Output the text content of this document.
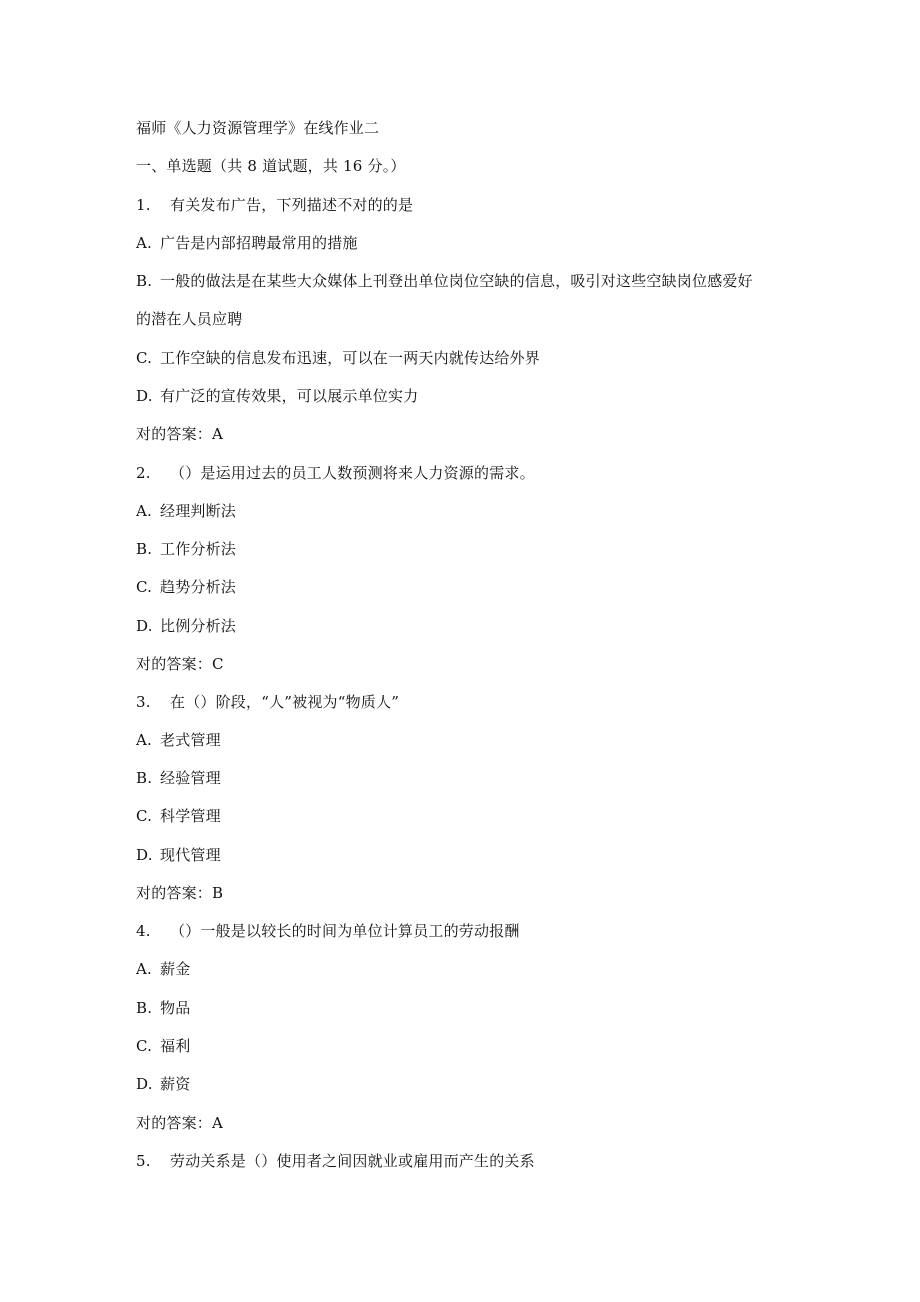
福师《人力资源管理学》在线作业二
一、单选题（共 8 道试题，共 16 分。）
1. 有关发布广告，下列描述不对的的是
A. 广告是内部招聘最常用的措施
B. 一般的做法是在某些大众媒体上刊登出单位岗位空缺的信息，吸引对这些空缺岗位感爱好
的潜在人员应聘
C. 工作空缺的信息发布迅速，可以在一两天内就传达给外界
D. 有广泛的宣传效果，可以展示单位实力
对的答案：A
2. （）是运用过去的员工人数预测将来人力资源的需求。
A. 经理判断法
B. 工作分析法
C. 趋势分析法
D. 比例分析法
对的答案：C
3. 在（）阶段，“人”被视为“物质人”
A. 老式管理
B. 经验管理
C. 科学管理
D. 现代管理
对的答案：B
4. （）一般是以较长的时间为单位计算员工的劳动报酬
A. 薪金
B. 物品
C. 福利
D. 薪资
对的答案：A
5. 劳动关系是（）使用者之间因就业或雇用而产生的关系
